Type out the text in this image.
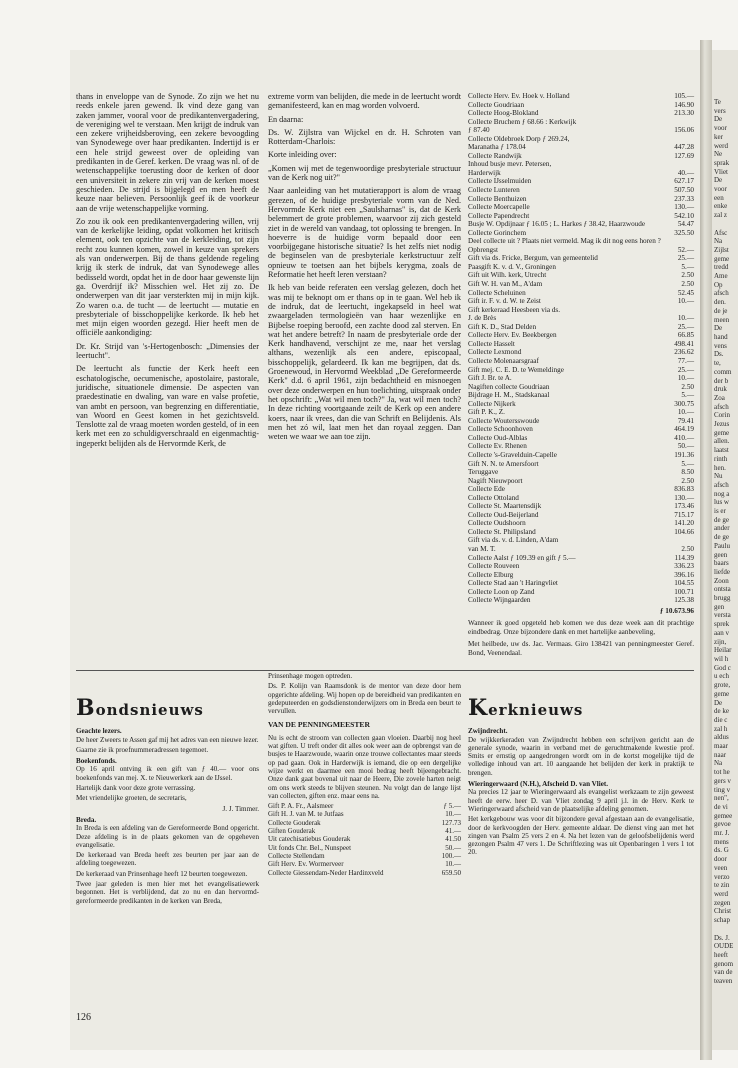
Te
vers
De
voor
ker
werd
Ne
sprak
Vliet
De
voor
een
enke
zal z

Afsc
Na
Zijlst
geme
tredd
Ame
Op
afsch
den.
de je
meen
De
hand
vens
Ds.
te,
comm
der b
druk
Zoa
afsch
Corin
Jezus
geme
allen.
laatst
rinth
hen.
Nu
afsch
nog a
lus w
is er
de ge
ander
de ge
Paulu
geen
baars
liefde
Zoon
ontsta
brugg
gen
versta
sprek
aan v
zijn,
Heilar
wil h
God c
u ech
grote,
geme
De
de ke
die c
zal h
aldus
maar
naar
Na
tot he
gers v
ting v
nen",
de vi
gemee
gevoe
mr. J.
mens
ds. G
door
veen
verzo
te zin
werd
zegen
Christ
schap

Ds. J.
OUDE
heeft
genom
van de
teaven

thans in enveloppe van de Synode. Zo zijn we het nu reeds enkele jaren gewend. Ik vind deze gang van zaken jammer, vooral voor de predikantenvergadering, de vereniging wel te verstaan. Men krijgt de indruk van een zekere vrijheidsberoving, een zekere bevoogding van Synodewege over haar predikanten. Indertijd is er een hele strijd geweest over de opleiding van predikanten in de Geref. kerken. De vraag was nl. of de wetenschappelijke toerusting door de kerken of door een universiteit in zekere zin vrij van de kerken moest geschieden. De strijd is bijgelegd en men heeft de keuze naar believen. Persoonlijk geef ik de voorkeur aan de vrije wetenschappelijke vorming.

Zo zou ik ook een predikantenvergadering willen, vrij van de kerkelijke leiding, opdat volkomen het kritisch element, ook ten opzichte van de kerkleiding, tot zijn recht zou kunnen komen, zowel in keuze van sprekers als van onderwerpen. Bij de thans geldende regeling krijg ik sterk de indruk, dat van Synodewege alles bedisseld wordt, opdat het in de door haar gewenste lijn ga. Overdrijf ik? Misschien wel. Het zij zo. De onderwerpen van dit jaar versterkten mij in mijn kijk. Zo waren o.a. de tucht — de leertucht — mutatie en presbyteriale of bisschoppelijke kerkorde. Ik heb het met mijn eigen woorden gezegd. Hier heeft men de officiële aankondiging:

Dr. Kr. Strijd van 's-Hertogenbosch: „Dimensies der leertucht".

De leertucht als functie der Kerk heeft een eschatologische, oecumenische, apostolaire, pastorale, juridische, situationele dimensie. De aspecten van praedestinatie en dwaling, van ware en valse profetie, van ambt en persoon, van begrenzing en differentiatie, van Woord en Geest komen in het gezichtsveld. Tenslotte zal de vraag moeten worden gesteld, of in een kerk met een zo schuldigverschraald en eigenmachtig-ingeperkt belijden als de Hervormde Kerk, de

extreme vorm van belijden, die mede in de leertucht wordt gemanifesteerd, kan en mag worden volvoerd.

En daarna:

Ds. W. Zijlstra van Wijckel en dr. H. Schroten van Rotterdam-Charlois:

Korte inleiding over:

„Komen wij met de tegenwoordige presbyteriale structuur van de Kerk nog uit?"

Naar aanleiding van het mutatierapport is alom de vraag gerezen, of de huidige presbyteriale vorm van de Ned. Hervormde Kerk niet een „Saulsharnas" is, dat de Kerk belemmert de grote problemen, waarvoor zij zich gesteld ziet in de wereld van vandaag, tot oplossing te brengen. In hoeverre is de huidige vorm bepaald door een voorbijgegane historische situatie? Is het zelfs niet nodig de beginselen van de presbyteriale kerkstructuur zelf opnieuw te toetsen aan het bijbels kerygma, zoals de Reformatie het heeft leren verstaan?

Ik heb van beide referaten een verslag gelezen, doch het was mij te beknopt om er thans op in te gaan. Wel heb ik de indruk, dat de leertucht, ingekapseld in heel wat zwaargeladen termologieën van haar wezenlijke en Bijbelse roeping beroofd, een zachte dood zal sterven. En wat het andere betreft? In naam de presbyteriale orde der Kerk handhavend, verschijnt ze me, naar het verslag althans, wezenlijk als een andere, episcopaal, bisschoppelijk, gelardeerd. Ik kan me begrijpen, dat ds. Groenewoud, in Hervormd Weekblad „De Gereformeerde Kerk" d.d. 6 april 1961, zijn bedachtheid en misnoegen over deze onderwerpen en hun toelichting, uitspraak onder het opschrift: „Wat wil men toch?" Ja, wat wil men toch? In deze richting voortgaande zeilt de Kerk op een andere koers, naar ik vrees, dan die van Schrift en Belijdenis. Als men het zó wil, laat men het dan royaal zeggen. Dan weten we waar we aan toe zijn.

Collecte Herv. Ev. Hoek v. Holland	105.—
Collecte Goudriaan	146.90
Collecte Hoog-Blokland	213.30
Collecte Bruchem ƒ 68.66 : Kerkwijk
ƒ 87.40	156.06
Collecte Oldebroek Dorp ƒ 269.24,
Maranatha ƒ 178.04	447.28
Collecte Randwijk	127.69
Inhoud busje mevr. Petersen,
Harderwijk	40.—
Collecte IJsselmuiden	627.17
Collecte Lunteren	507.50
Collecte Benthuizen	237.33
Collecte Moercapelle	130.—
Collecte Papendrecht	542.10
Busje W. Opdijnaar ƒ 16.05 ; L. Harkes ƒ 38.42, Haarzwoude	54.47
Collecte Gorinchem	325.50
Deel collecte uit ? Plaats niet vermeld. Mag ik dit nog eens horen ?
Opbrengst	52.—
Gift via ds. Fricke, Bergum, van gemeentelid	25.—
Paasgift K. v. d. V., Groningen	5.—
Gift uit Wilh. kerk, Utrecht	2.50
Gift W. H. van M., A'dam	2.50
Collecte Scheluinen	52.45
Gift ir. F. v. d. W. te Zeist	10.—
Gift kerkeraad Heesbeen via ds.
J. de Brès	10.—
Gift K. D., Stad Delden	25.—
Collecte Herv. Ev. Beekbergen	66.85
Collecte Hasselt	498.41
Collecte Lexmond	236.62
Collecte Molenaarsgraaf	77.—
Gift mej. C. E. D. te Wemeldinge	25.—
Gift J. Br. te A.	10.—
Nagiften collecte Goudriaan	2.50
Bijdrage H. M., Stadskanaal	5.—
Collecte Nijkerk	300.75
Gift P. K., Z.	10.—
Collecte Woutersswoude	79.41
Collecte Schoonhoven	464.19
Collecte Oud-Alblas	410.—
Collecte Ev. Rhenen	50.—
Collecte 's-Gravelduin-Capelle	191.36
Gift N. N. te Amersfoort	5.—
Teruggave	8.50
Nagift Nieuwpoort	2.50
Collecte Ede	836.83
Collecte Ottoland	130.—
Collecte St. Maartensdijk	173.46
Collecte Oud-Beijerland	715.17
Collecte Oudshoorn	141.20
Collecte St. Philipsland	104.66
Gift via ds. v. d. Linden, A'dam
van M. T.	2.50
Collecte Aalst ƒ 109.39 en gift ƒ 5.—	114.39
Collecte Rouveen	336.23
Collecte Elburg	396.16
Collecte Stad aan 't Haringvliet	104.55
Collecte Loon op Zand	100.71
Collecte Wijngaarden	125.38
ƒ 10.673.96

Wanneer ik goed opgeteld heb komen we dus deze week aan dit prachtige eindbedrag. Onze bijzondere dank en met hartelijke aanbeveling,

Met heilbede, uw ds. Jac. Vermaas. Giro 138421 van penningmeester Geref. Bond, Veenendaal.

Bondsnieuws
Geachte lezers.

De heer Zweers te Assen gaf mij het adres van een nieuwe lezer.

Gaarne zie ik proefnummeradressen tegemoet.

Boekenfonds.

Op 16 april ontving ik een gift van ƒ 40.— voor ons boekenfonds van mej. X. te Nieuwerkerk aan de IJssel.

Hartelijk dank voor deze grote verrassing.

Met vriendelijke groeten, de secretaris,

J. J. Timmer.
Breda.

In Breda is een afdeling van de Gereformeerde Bond opgericht. Deze afdeling is in de plaats gekomen van de opgeheven evangelisatie.

De kerkeraad van Breda heeft zes beurten per jaar aan de afdeling toegewezen.

De kerkeraad van Prinsenhage heeft 12 beurten toegewezen.

Twee jaar geleden is men hier met het evangelisatiewerk begonnen. Het is verblijdend, dat zo nu en dan hervormd-gereformeerde predikanten in de kerken van Breda,

Prinsenhage mogen optreden.

Ds. P. Kolijn van Raamsdonk is de mentor van deze door hem opgerichte afdeling. Wij hopen op de bereidheid van predikanten en gedeputeerden en godsdienstonderwijzers om in Breda een beurt te vervullen.

VAN DE PENNINGMEESTER

Nu is echt de stroom van collecten gaan vloeien. Daarbij nog heel wat giften. U treft onder dit alles ook weer aan de opbrengst van de busjes te Haarzwoude, waarin onze trouwe collectantes maar steeds op pad gaan. Ook in Harderwijk is iemand, die op een dergelijke wijze werkt en daarmee een mooi bedrag heeft bijeengebracht. Onze dank gaat bovenal uit naar de Heere, Die zovele harten neigt om ons werk steeds te blijven steunen. Nu volgt dan de lange lijst van collecten, giften enz. maar eens na.

Gift P. A. Fr., Aalsmeer	ƒ 5.—
Gift H. J. van M. te Jutfaas	10.—
Collecte Gouderak	127.73
Giften Gouderak	41.—
Uit catechisatiebus Gouderak	41.50
Uit fonds Chr. Bel., Nunspeet	50.—
Collecte Stellendam	100.—
Gift Herv. Ev. Wormerveer	10.—
Collecte Giessendam-Neder Hardinxveld	659.50
Kerknieuws
Zwijndrecht.

De wijkkerkeraden van Zwijndrecht hebben een schrijven gericht aan de generale synode, waarin in verband met de geruchtmakende kwestie prof. Smits er ernstig op aangedrongen wordt om in de kortst mogelijke tijd de volledige inhoud van art. 10 aangaande het belijden der kerk in praktijk te brengen.

Wieringerwaard (N.H.), Afscheid D. van Vliet.

Na precies 12 jaar te Wieringerwaard als evangelist werkzaam te zijn geweest heeft de eerw. heer D. van Vliet zondag 9 april j.l. in de Herv. Kerk te Wieringerwaard afscheid van de plaatselijke afdeling genomen.

Het kerkgebouw was voor dit bijzondere geval afgestaan aan de evangelisatie, door de kerkvoogden der Herv. gemeente aldaar. De dienst ving aan met het zingen van Psalm 25 vers 2 en 4. Na het lezen van de geloofsbelijdenis werd gezongen Psalm 47 vers 1. De Schriftlezing was uit Openbaringen 1 vers 1 tot 20.

126
